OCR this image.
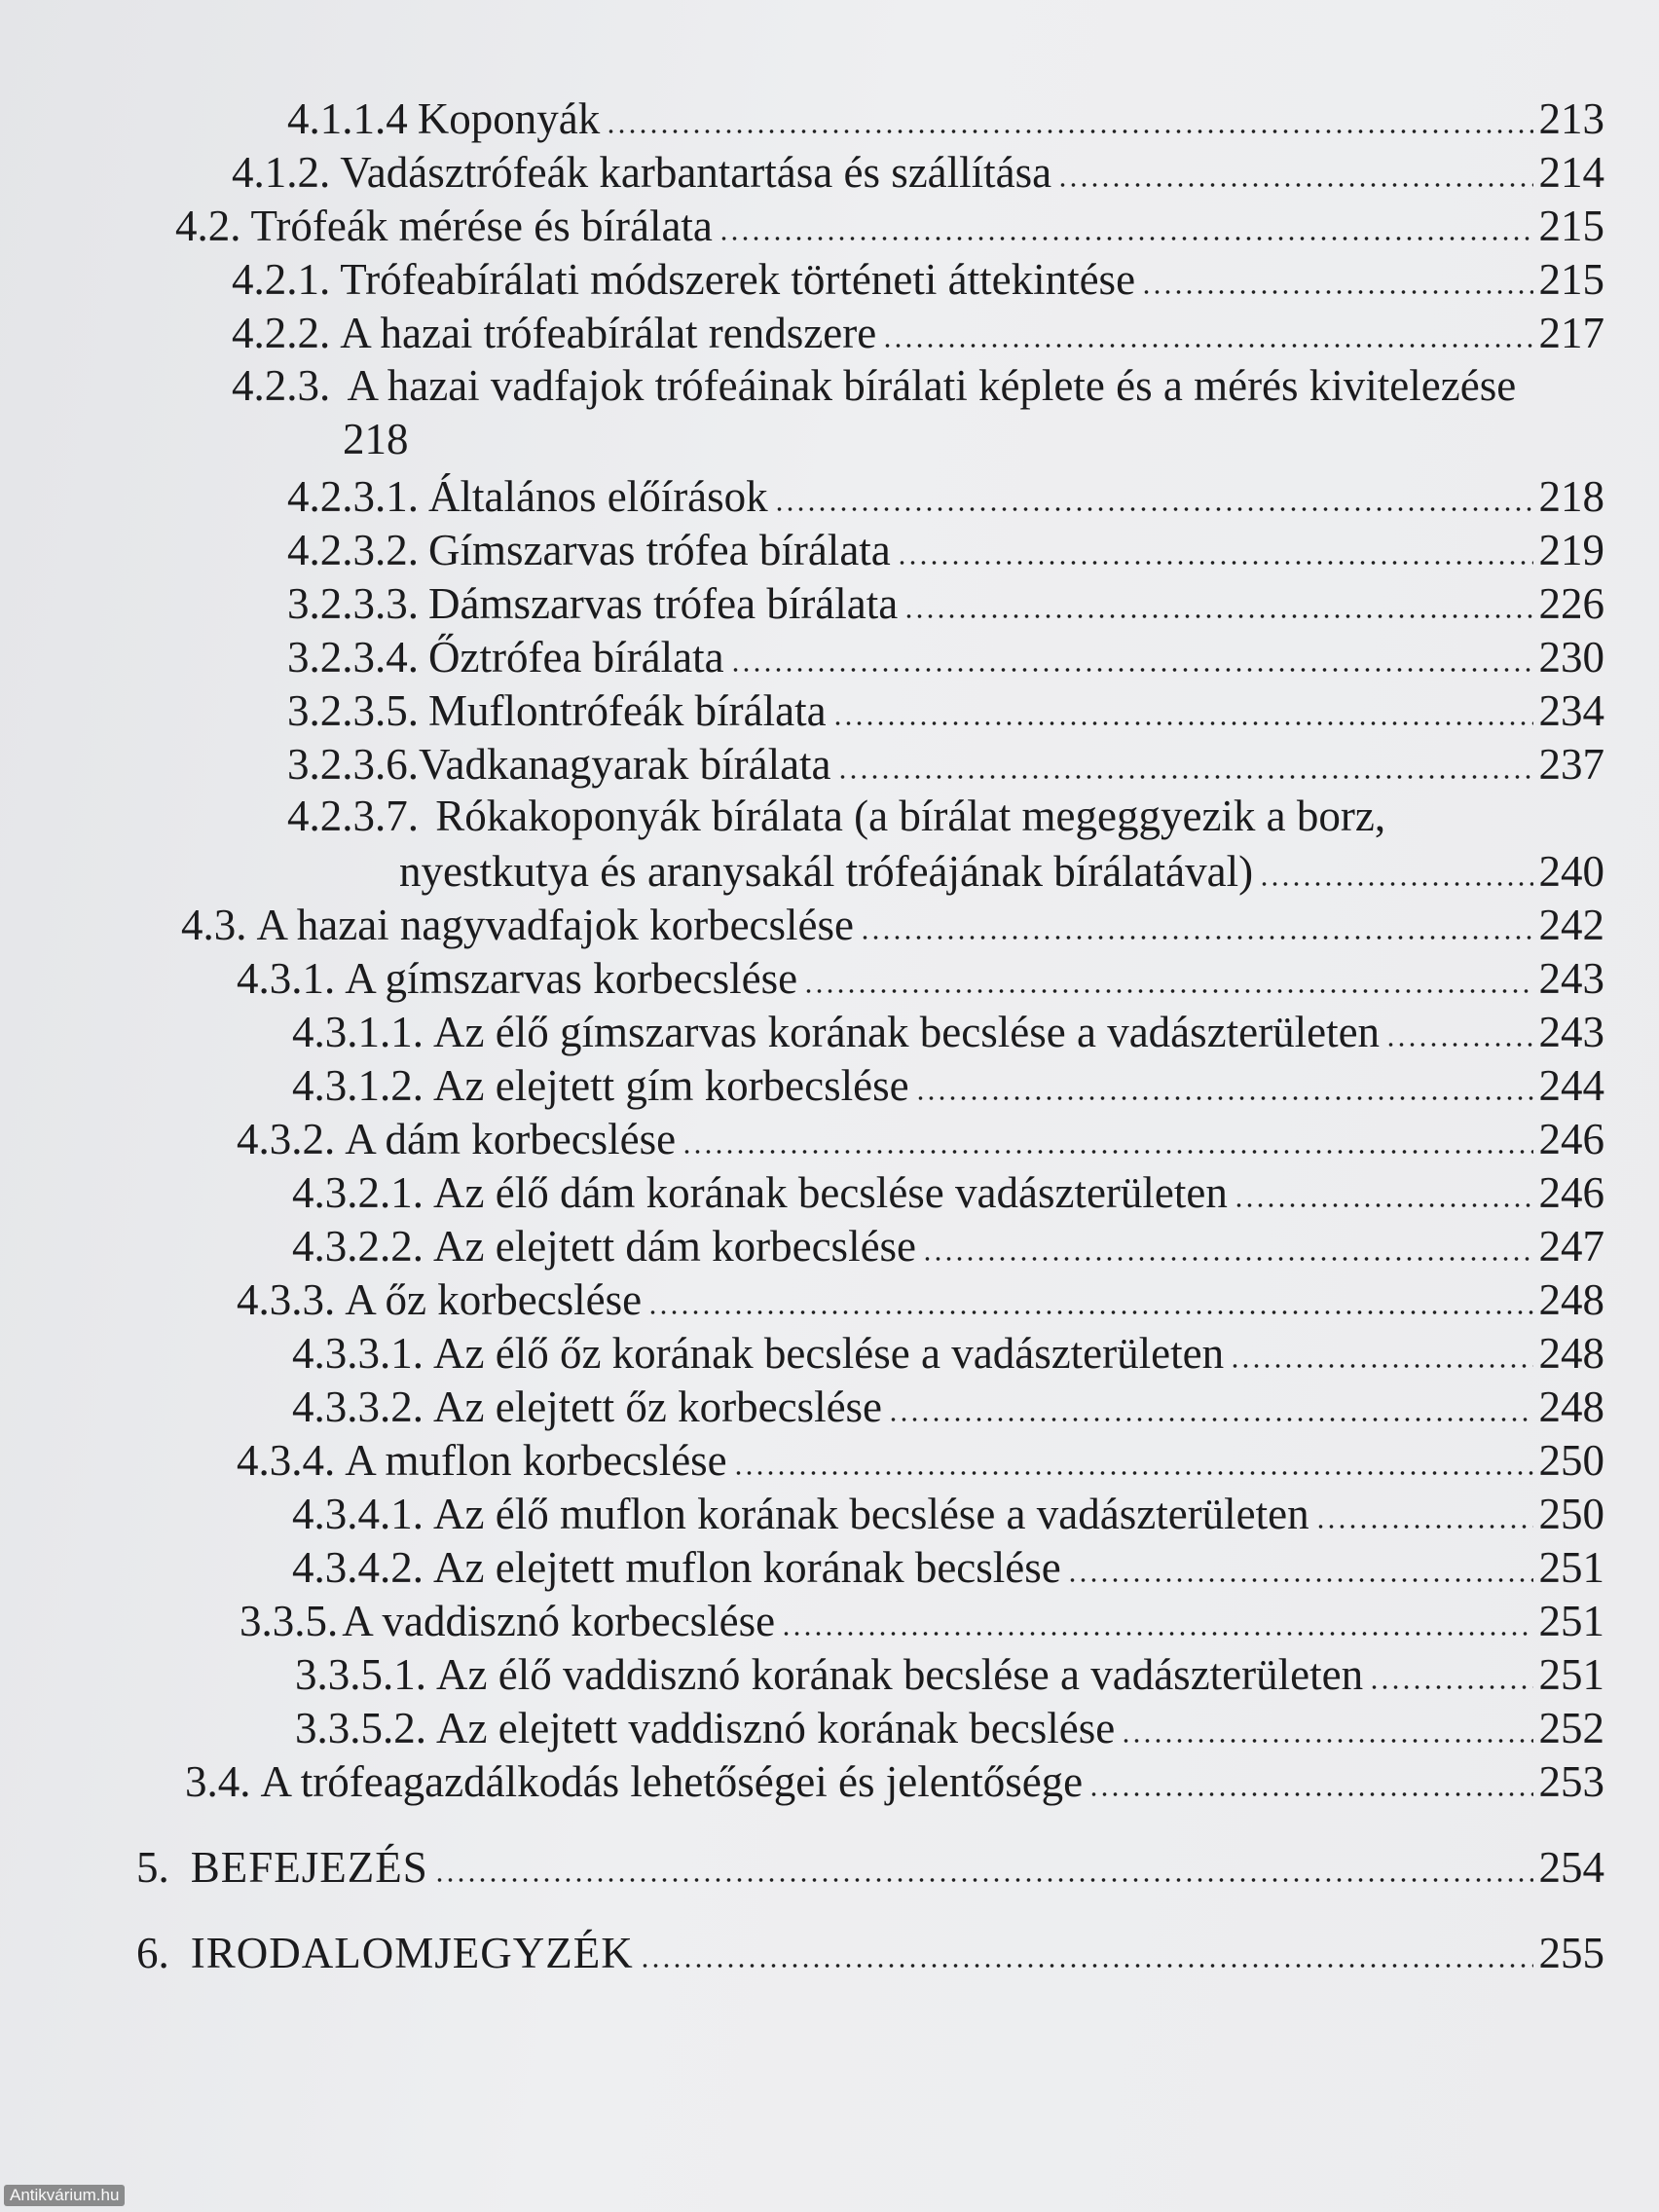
4.1.1.4 Koponyák	213
4.1.2. Vadásztrófeák karbantartása és szállítása	214
4.2. Trófeák mérése és bírálata	215
4.2.1. Trófeabírálati módszerek történeti áttekintése	215
4.2.2. A hazai trófeabírálat rendszere	217
4.2.3. A hazai vadfajok trófeáinak bírálati képlete és a mérés kivitelezése
218
4.2.3.1. Általános előírások	218
4.2.3.2. Gímszarvas trófea bírálata	219
3.2.3.3. Dámszarvas trófea bírálata	226
3.2.3.4. Őztrófea bírálata	230
3.2.3.5. Muflontrófeák bírálata	234
3.2.3.6. Vadkanagyarak bírálata	237
4.2.3.7. Rókakoponyák bírálata (a bírálat megeggyezik a borz,
nyestkutya és aranysakál trófeájának bírálatával)	240
4.3. A hazai nagyvadfajok korbecslése	242
4.3.1. A gímszarvas korbecslése	243
4.3.1.1. Az élő gímszarvas korának becslése a vadászterületen	243
4.3.1.2. Az elejtett gím korbecslése	244
4.3.2. A dám korbecslése	246
4.3.2.1. Az élő dám korának becslése vadászterületen	246
4.3.2.2. Az elejtett dám korbecslése	247
4.3.3. A őz korbecslése	248
4.3.3.1. Az élő őz korának becslése a vadászterületen	248
4.3.3.2. Az elejtett őz korbecslése	248
4.3.4. A muflon korbecslése	250
4.3.4.1. Az élő muflon korának becslése a vadászterületen	250
4.3.4.2. Az elejtett muflon korának becslése	251
3.3.5. A vaddisznó korbecslése	251
3.3.5.1. Az élő vaddisznó korának becslése a vadászterületen	251
3.3.5.2. Az elejtett vaddisznó korának becslése	252
3.4. A trófeagazdálkodás lehetőségei és jelentősége	253
5. BEFEJEZÉS	254
6. IRODALOMJEGYZÉK	255
Antikvárium.hu
